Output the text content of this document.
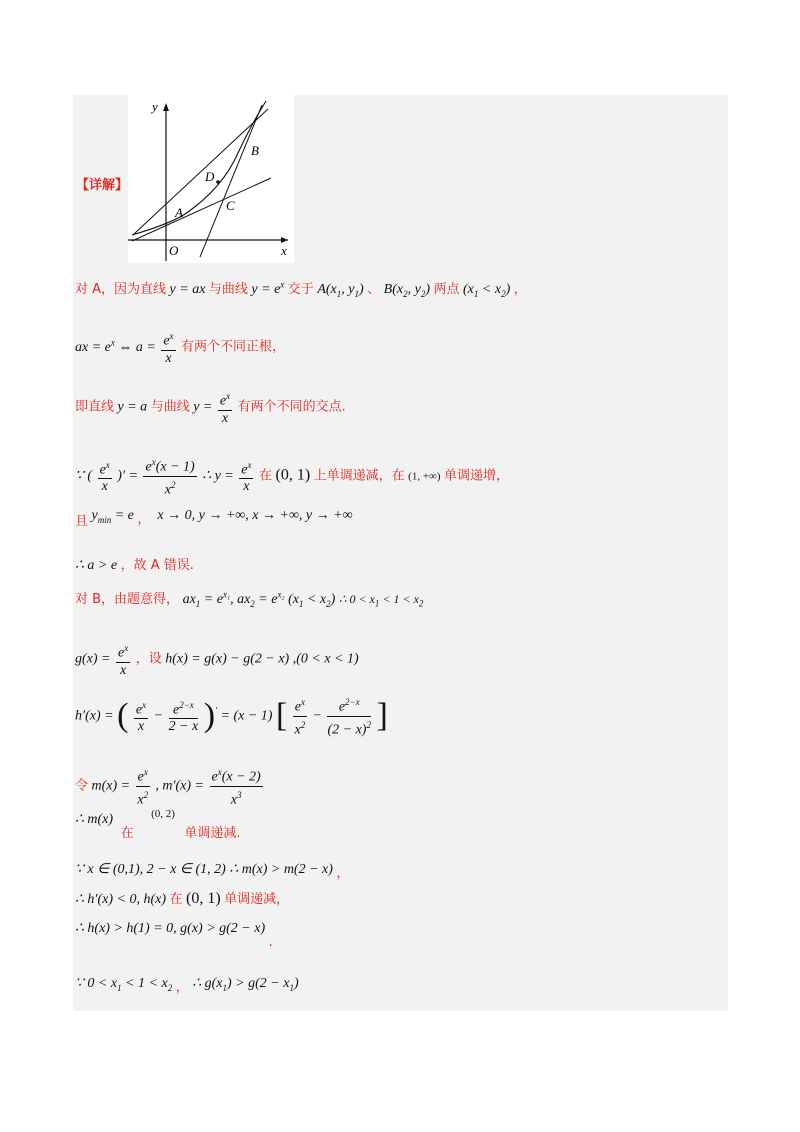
【详解】
y
x
O
A
B
C
D
对 A，因为直线 y = ax 与曲线 $y = e^x$ 交于 $A(x_1$, $y_1$) 、 $B(x_2$, $y_2$) 两点 $(x_1 < x_2)$ ，
ax = $e^x$ ⇔ $a = \frac{e^x}{x}$ 有两个不同正根，
即直线 y = a 与曲线 $y = \frac{e^x}{x}$ 有两个不同的交点.
∵ ( $\frac{e^x}{x}$ )′ = $\frac{e^x(x - 1)}{x^2}$ ∴ $y = \frac{e^x}{x}$ 在 (0, 1) 上单调递减，在 (1, +∞) 单调递增，
且 $y_{min} = e$ ， x → 0, y → +∞, x → +∞, y → +∞
∴ a > e ，故 A 错误.
对 B，由题意得， $ax_1 = e^{x_1}$, $ax_2 = e^{x_2}$ $(x_1 < x_2)$ ∴ $0 < x_1 < 1 < x_2$
$g(x) = \frac{e^x}{x}$ ，设 h(x) = g(x) − g(2 − x) ,(0 < x < 1)
h′(x) = ( $\frac{e^x}{x} - \frac{e^{2-x}}{2 - x} )' = (x - 1)$ [ $\frac{e^x}{x^2} - \frac{e^{2-x}}{(2 - x)^2}$ ]
令 $m(x) = \frac{e^x}{x^2}$ , $m'(x) = \frac{e^x(x - 2)}{x^3}$
∴ m(x) 在 $^{(0, 2)}$ 单调递减.
∵ x ∈ (0,1), 2 − x ∈ (1, 2) ∴ m(x) > m(2 − x) ，
∴ h′(x) < 0, h(x) 在 (0, 1) 单调递减，
∴ h(x) > h(1) = 0, g(x) > g(2 − x) .
∵ $0 < x_1 < 1 < x_2$ ， ∴ $g(x_1) > g(2 - x_1)$
